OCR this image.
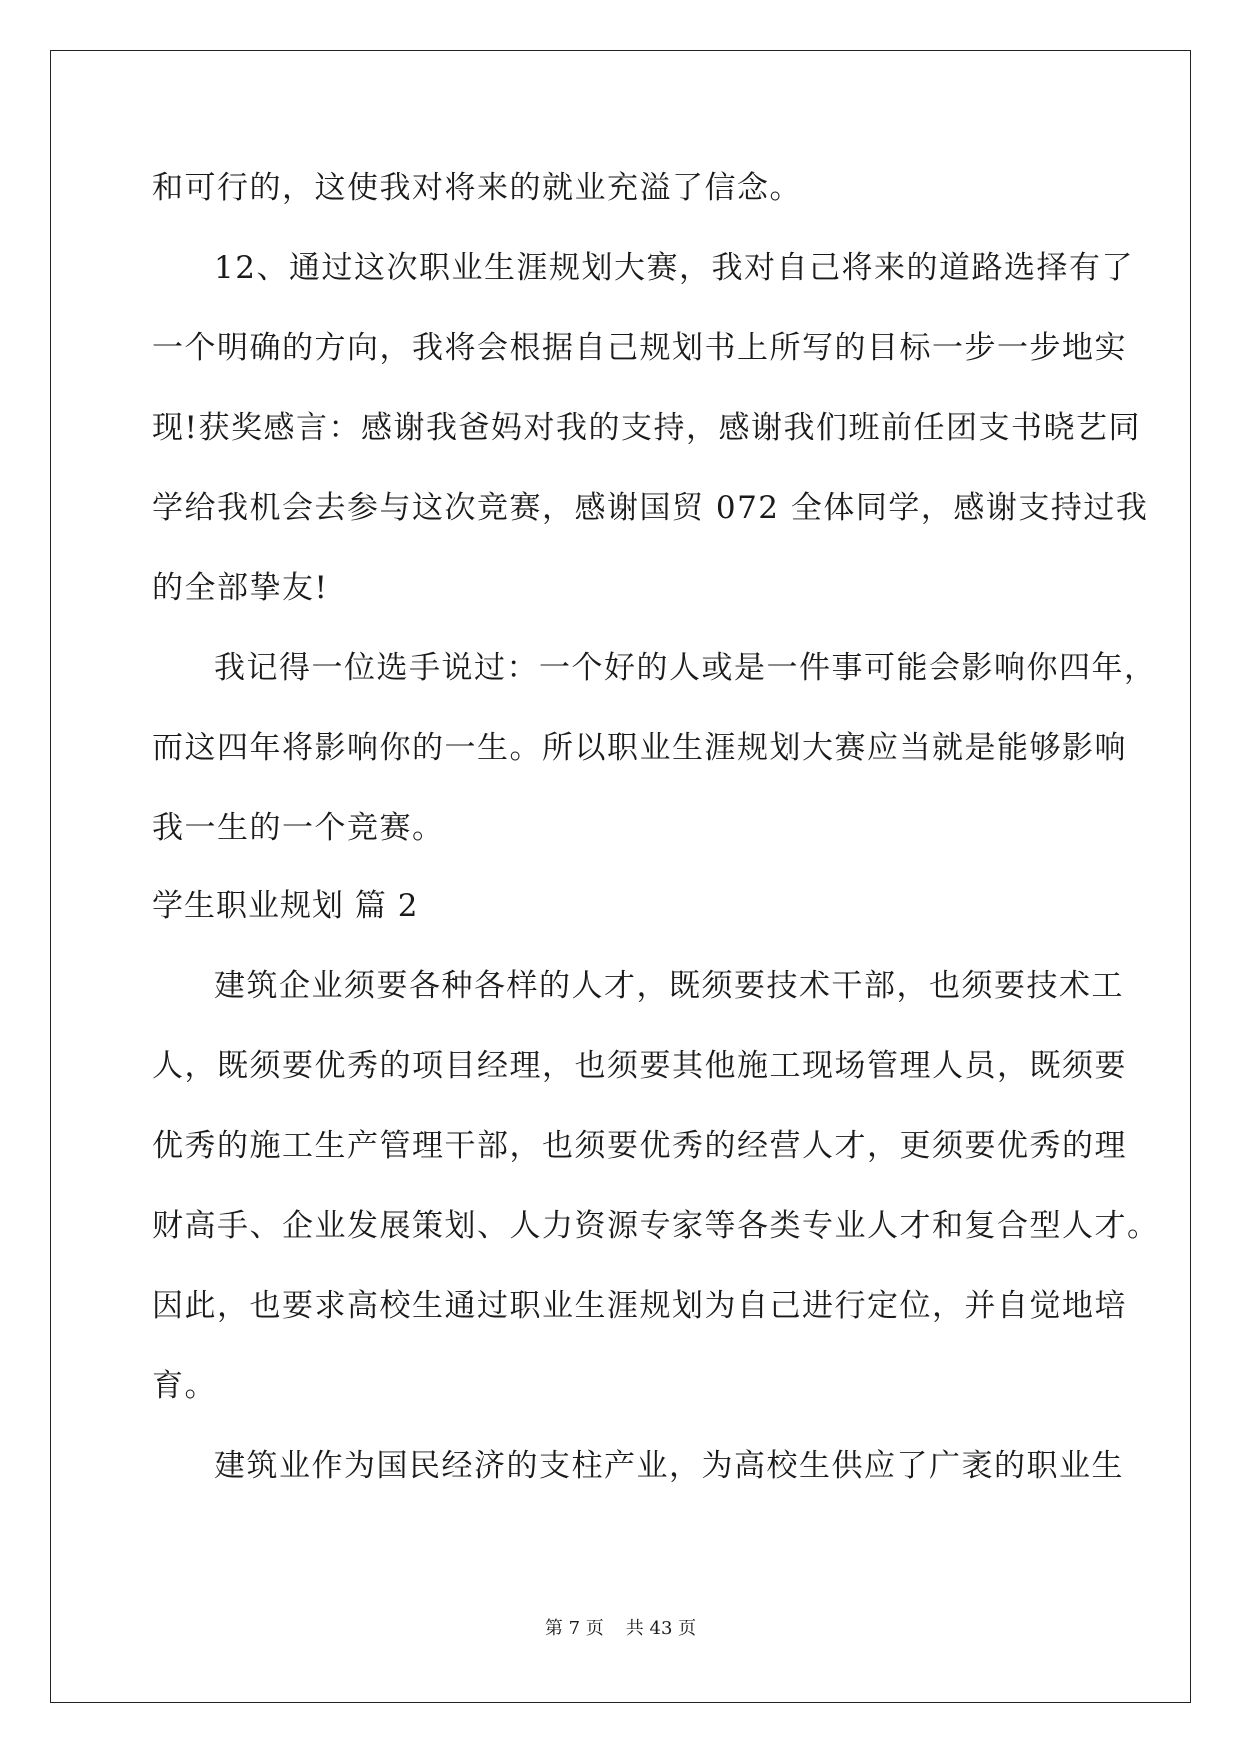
和可行的，这使我对将来的就业充溢了信念。
12、通过这次职业生涯规划大赛，我对自己将来的道路选择有了
一个明确的方向，我将会根据自己规划书上所写的目标一步一步地实
现!获奖感言：感谢我爸妈对我的支持，感谢我们班前任团支书晓艺同
学给我机会去参与这次竞赛，感谢国贸 072 全体同学，感谢支持过我
的全部挚友!
我记得一位选手说过：一个好的人或是一件事可能会影响你四年，
而这四年将影响你的一生。所以职业生涯规划大赛应当就是能够影响
我一生的一个竞赛。
学生职业规划 篇 2
建筑企业须要各种各样的人才，既须要技术干部，也须要技术工
人，既须要优秀的项目经理，也须要其他施工现场管理人员，既须要
优秀的施工生产管理干部，也须要优秀的经营人才，更须要优秀的理
财高手、企业发展策划、人力资源专家等各类专业人才和复合型人才。
因此，也要求高校生通过职业生涯规划为自己进行定位，并自觉地培
育。
建筑业作为国民经济的支柱产业，为高校生供应了广袤的职业生
第 7 页 共 43 页
